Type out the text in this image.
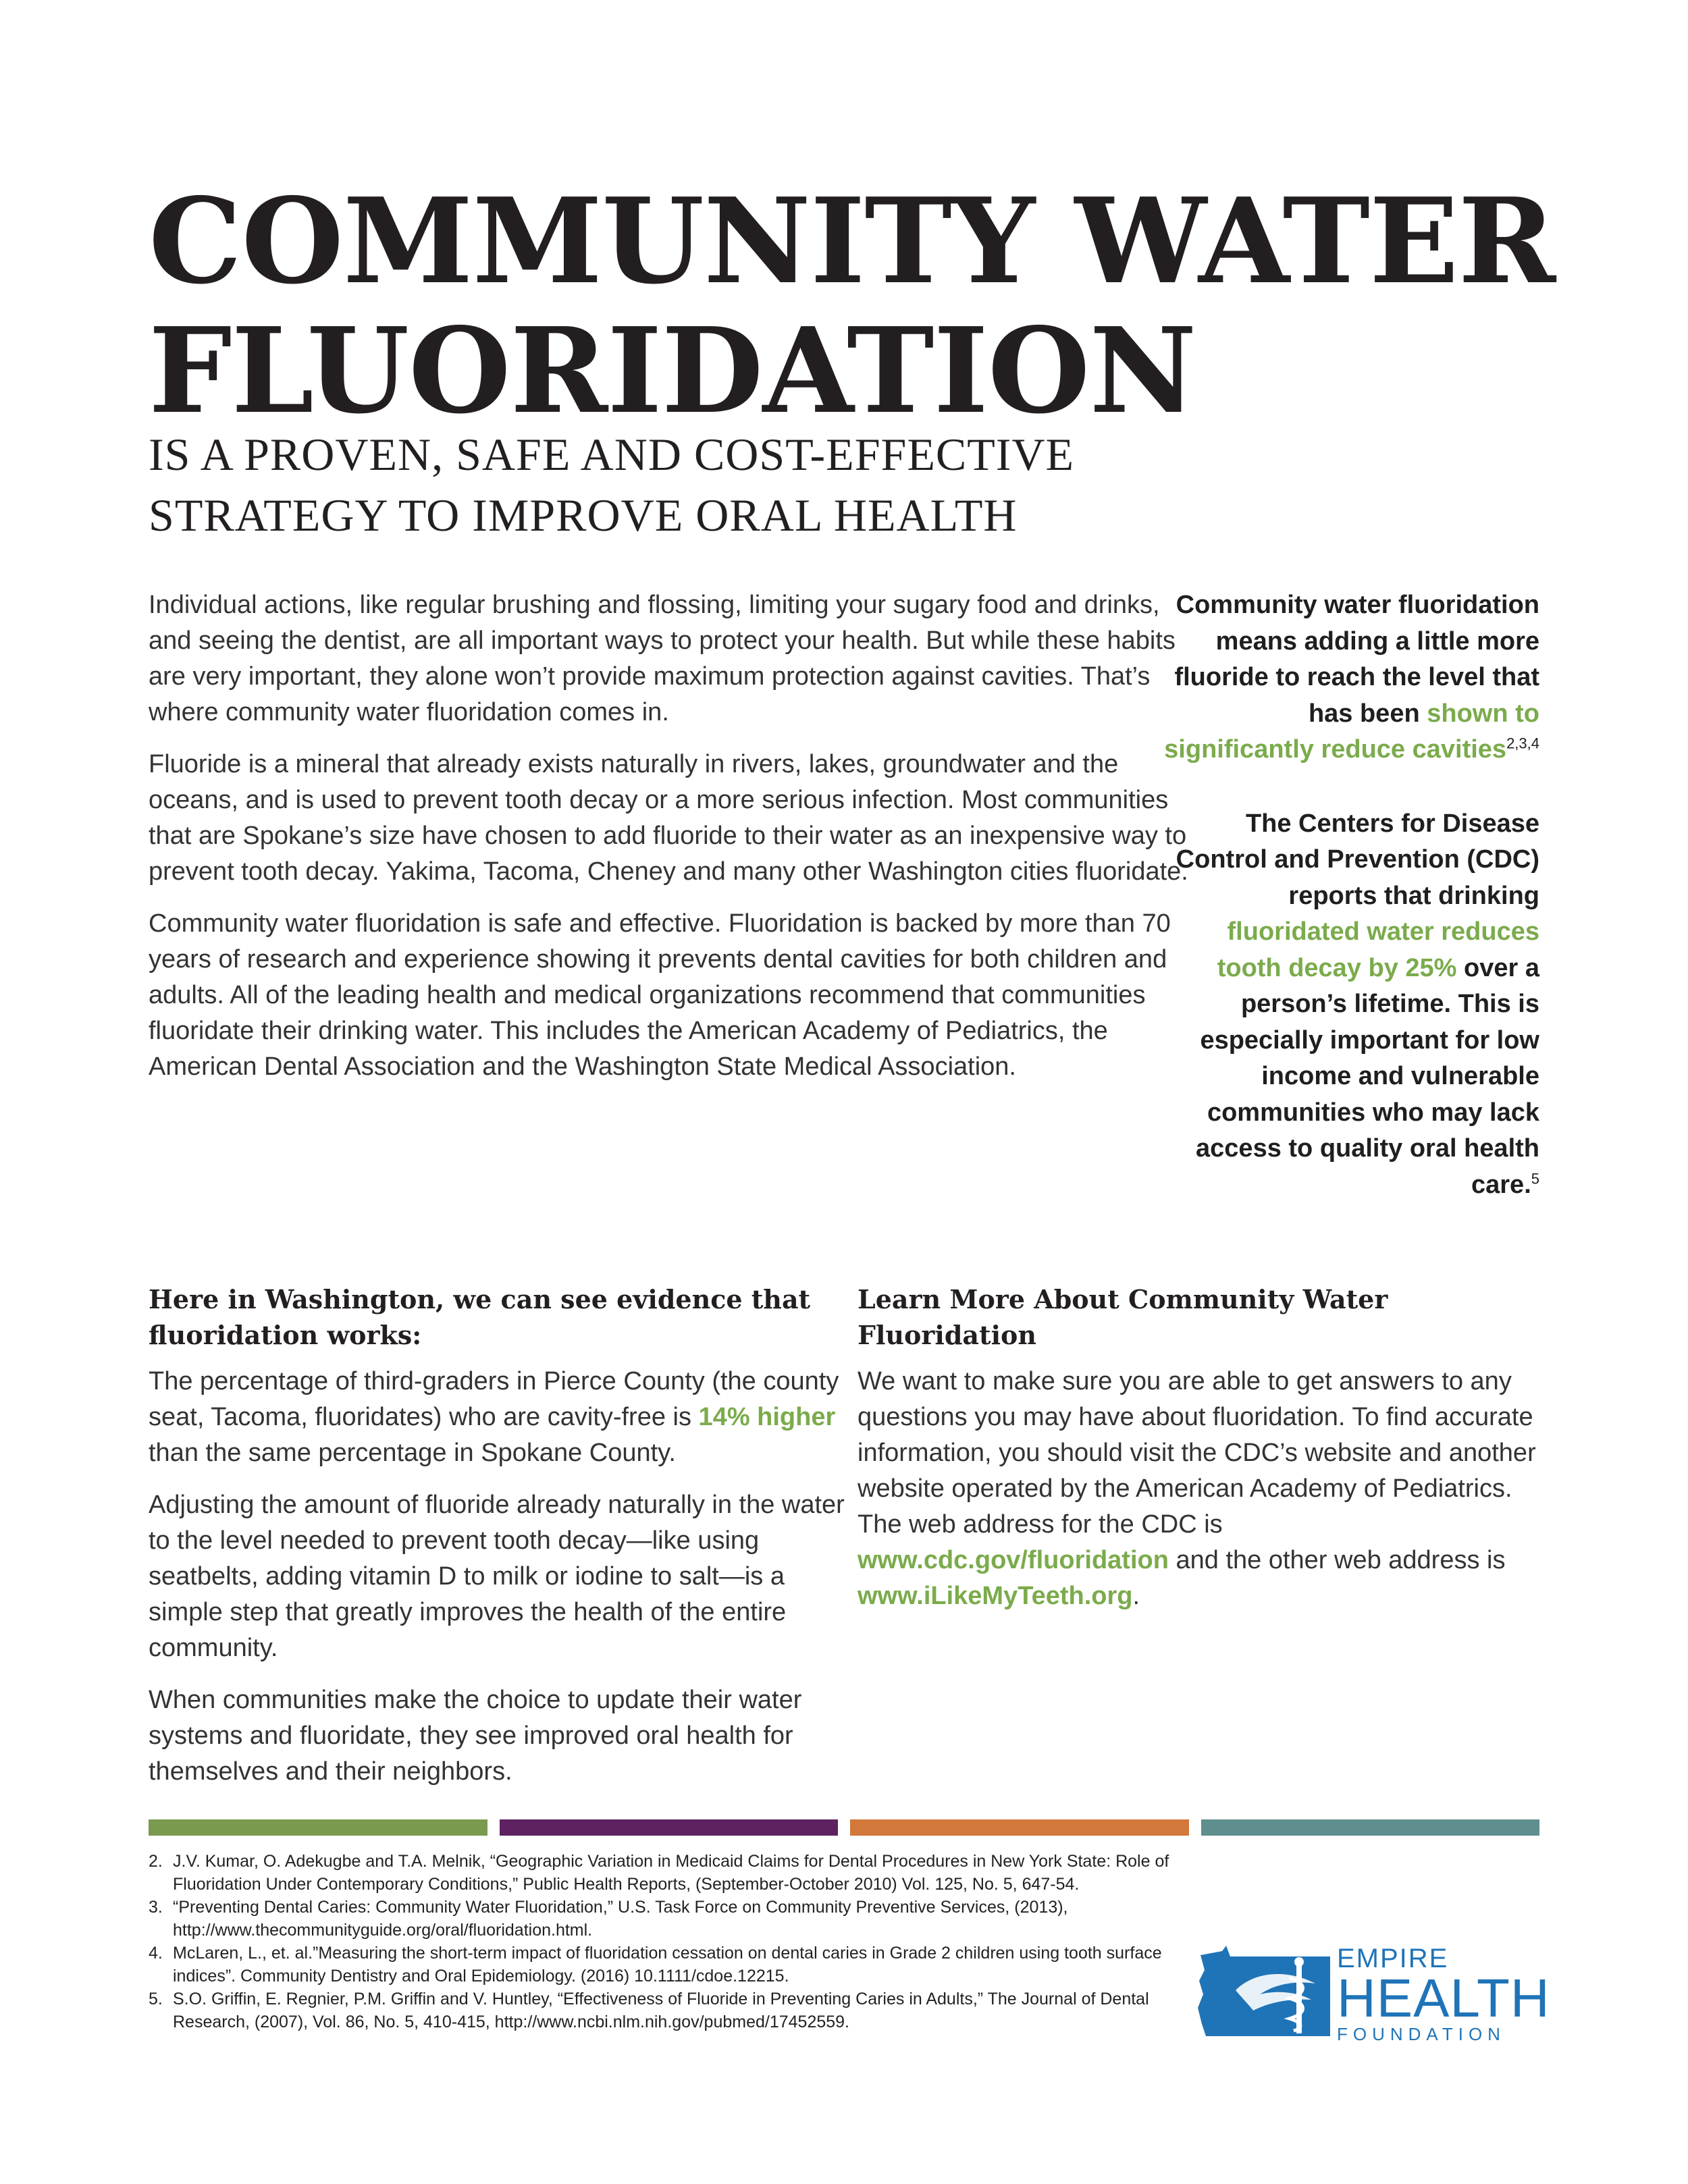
COMMUNITY WATER
FLUORIDATION
IS A PROVEN, SAFE AND COST-EFFECTIVE
STRATEGY TO IMPROVE ORAL HEALTH

Individual actions, like regular brushing and flossing, limiting your sugary food and drinks, and seeing the dentist, are all important ways to protect your health. But while these habits are very important, they alone won’t provide maximum protection against cavities. That’s where community water fluoridation comes in.

Fluoride is a mineral that already exists naturally in rivers, lakes, groundwater and the oceans, and is used to prevent tooth decay or a more serious infection. Most communities that are Spokane’s size have chosen to add fluoride to their water as an inexpensive way to prevent tooth decay. Yakima, Tacoma, Cheney and many other Washington cities fluoridate.

Community water fluoridation is safe and effective. Fluoridation is backed by more than 70 years of research and experience showing it prevents dental cavities for both children and adults. All of the leading health and medical organizations recommend that communities fluoridate their drinking water. This includes the American Academy of Pediatrics, the American Dental Association and the Washington State Medical Association.

Community water fluoridation means adding a little more fluoride to reach the level that has been shown to significantly reduce cavities$^{2,3,4}$

The Centers for Disease Control and Prevention (CDC) reports that drinking fluoridated water reduces tooth decay by 25% over a person’s lifetime. This is especially important for low income and vulnerable communities who may lack access to quality oral health care.$^5$

Here in Washington, we can see evidence that fluoridation works:

The percentage of third-graders in Pierce County (the county seat, Tacoma, fluoridates) who are cavity-free is 14% higher than the same percentage in Spokane County.

Adjusting the amount of fluoride already naturally in the water to the level needed to prevent tooth decay—like using seatbelts, adding vitamin D to milk or iodine to salt—is a simple step that greatly improves the health of the entire community.

When communities make the choice to update their water systems and fluoridate, they see improved oral health for themselves and their neighbors.

Learn More About Community Water Fluoridation

We want to make sure you are able to get answers to any questions you may have about fluoridation. To find accurate information, you should visit the CDC’s website and another website operated by the American Academy of Pediatrics. The web address for the CDC is www.cdc.gov/fluoridation and the other web address is www.iLikeMyTeeth.org.

2. J.V. Kumar, O. Adekugbe and T.A. Melnik, “Geographic Variation in Medicaid Claims for Dental Procedures in New York State: Role of Fluoridation Under Contemporary Conditions,” Public Health Reports, (September-October 2010) Vol. 125, No. 5, 647-54.
3. “Preventing Dental Caries: Community Water Fluoridation,” U.S. Task Force on Community Preventive Services, (2013), http://www.thecommunityguide.org/oral/fluoridation.html.
4. McLaren, L., et. al.”Measuring the short-term impact of fluoridation cessation on dental caries in Grade 2 children using tooth surface indices”. Community Dentistry and Oral Epidemiology. (2016) 10.1111/cdoe.12215.
5. S.O. Griffin, E. Regnier, P.M. Griffin and V. Huntley, “Effectiveness of Fluoride in Preventing Caries in Adults,” The Journal of Dental Research, (2007), Vol. 86, No. 5, 410-415, http://www.ncbi.nlm.nih.gov/pubmed/17452559.
EMPIRE
HEALTH
FOUNDATION
